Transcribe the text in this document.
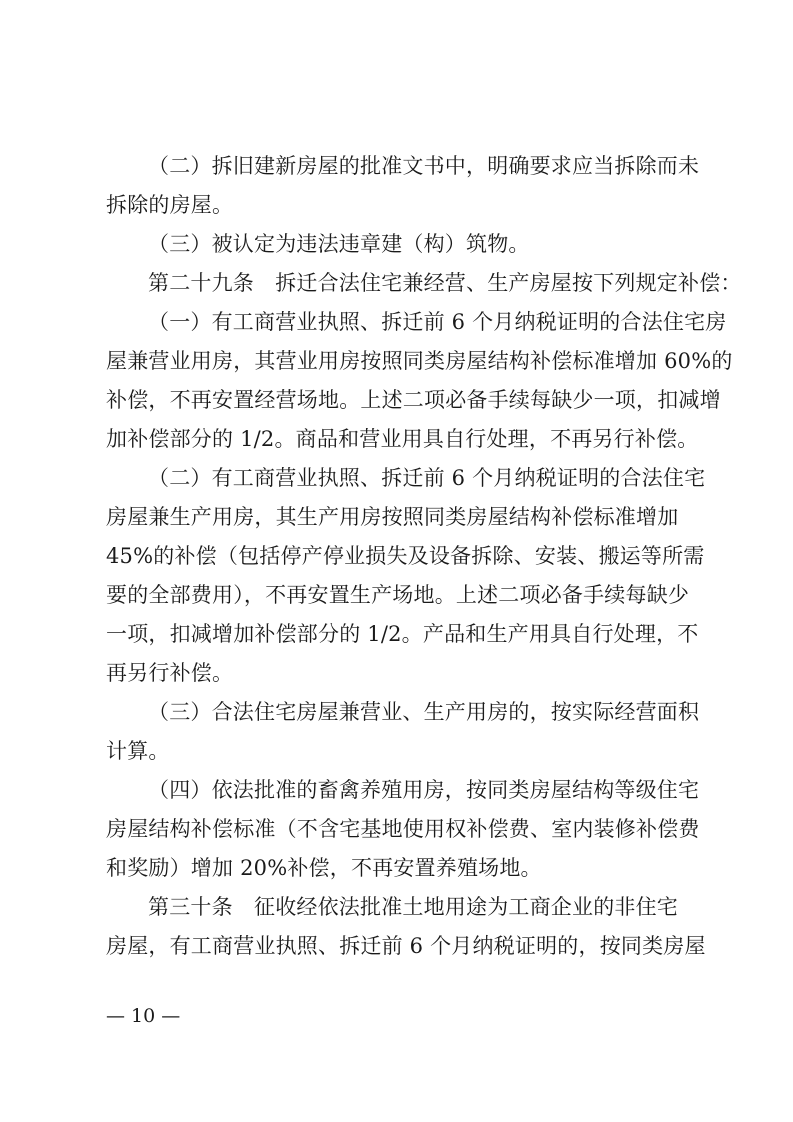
（二）拆旧建新房屋的批准文书中，明确要求应当拆除而未
拆除的房屋。
（三）被认定为违法违章建（构）筑物。
第二十九条　拆迁合法住宅兼经营、生产房屋按下列规定补偿：
（一）有工商营业执照、拆迁前 6 个月纳税证明的合法住宅房
屋兼营业用房，其营业用房按照同类房屋结构补偿标准增加 60%的
补偿，不再安置经营场地。上述二项必备手续每缺少一项，扣减增
加补偿部分的 1/2。商品和营业用具自行处理，不再另行补偿。
（二）有工商营业执照、拆迁前 6 个月纳税证明的合法住宅
房屋兼生产用房，其生产用房按照同类房屋结构补偿标准增加
45%的补偿（包括停产停业损失及设备拆除、安装、搬运等所需
要的全部费用），不再安置生产场地。上述二项必备手续每缺少
一项，扣减增加补偿部分的 1/2。产品和生产用具自行处理，不
再另行补偿。
（三）合法住宅房屋兼营业、生产用房的，按实际经营面积
计算。
（四）依法批准的畜禽养殖用房，按同类房屋结构等级住宅
房屋结构补偿标准（不含宅基地使用权补偿费、室内装修补偿费
和奖励）增加 20%补偿，不再安置养殖场地。
第三十条　征收经依法批准土地用途为工商企业的非住宅
房屋，有工商营业执照、拆迁前 6 个月纳税证明的，按同类房屋
— 10 —
